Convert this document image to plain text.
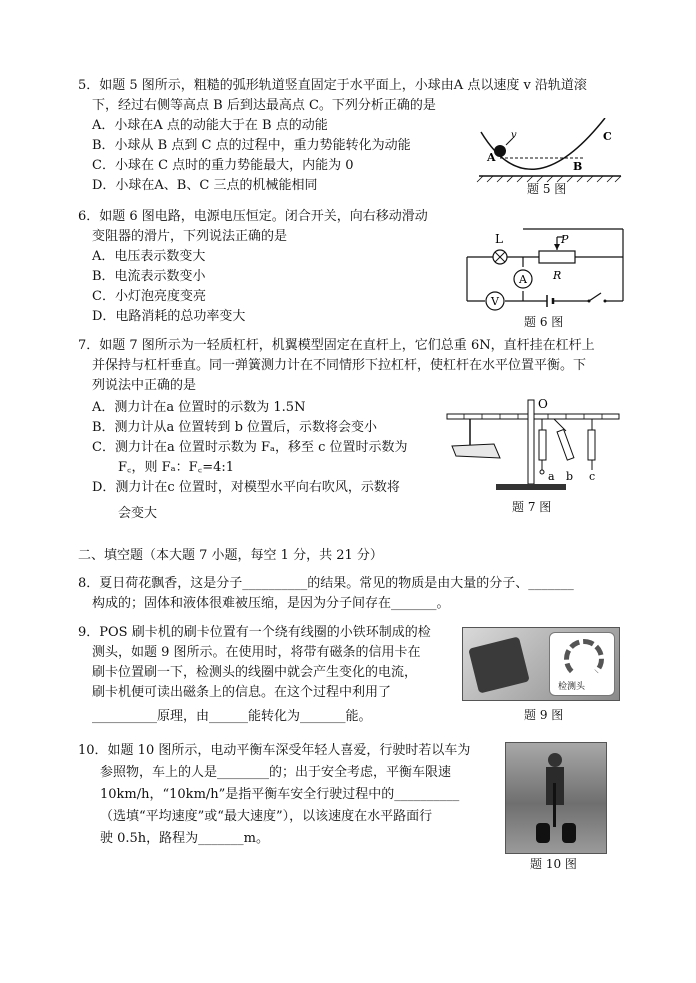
5．如题 5 图所示，粗糙的弧形轨道竖直固定于水平面上，小球由A 点以速度 v 沿轨道滚
下，经过右侧等高点 B 后到达最高点 C。下列分析正确的是
A．小球在A 点的动能大于在 B 点的动能
B．小球从 B 点到 C 点的过程中，重力势能转化为动能
C．小球在 C 点时的重力势能最大，内能为 0
D．小球在A、B、C 三点的机械能相同
A
v
B
C
题 5 图
6．如题 6 图电路，电源电压恒定。闭合开关，向右移动滑动
变阻器的滑片，下列说法正确的是
A．电压表示数变大
B．电流表示数变小
C．小灯泡亮度变亮
D．电路消耗的总功率变大
L	P
R
A
V
题 6 图
7．如题 7 图所示为一轻质杠杆，机翼模型固定在直杆上，它们总重 6N，直杆挂在杠杆上
并保持与杠杆垂直。同一弹簧测力计在不同情形下拉杠杆，使杠杆在水平位置平衡。下
列说法中正确的是
A．测力计在a 位置时的示数为 1.5N
B．测力计从a 位置转到 b 位置后，示数将会变小
C．测力计在a 位置时示数为 Fₐ，移至 c 位置时示数为
F꜀，则 Fₐ：F꜀=4:1
D．测力计在c 位置时，对模型水平向右吹风，示数将
会变大
O
a b c
题 7 图
二、填空题（本大题 7 小题，每空 1 分，共 21 分）
8．夏日荷花飘香，这是分子__________的结果。常见的物质是由大量的分子、_______
构成的；固体和液体很难被压缩，是因为分子间存在_______。
9．POS 刷卡机的刷卡位置有一个绕有线圈的小铁环制成的检
测头，如题 9 图所示。在使用时，将带有磁条的信用卡在
刷卡位置刷一下，检测头的线圈中就会产生变化的电流，
刷卡机便可读出磁条上的信息。在这个过程中利用了
__________原理，由______能转化为_______能。
检测头
题 9 图
10．如题 10 图所示，电动平衡车深受年轻人喜爱，行驶时若以车为
参照物，车上的人是________的；出于安全考虑，平衡车限速
10km/h，“10km/h”是指平衡车安全行驶过程中的__________
（选填“平均速度”或“最大速度”），以该速度在水平路面行
驶 0.5h，路程为_______m。
题 10 图
